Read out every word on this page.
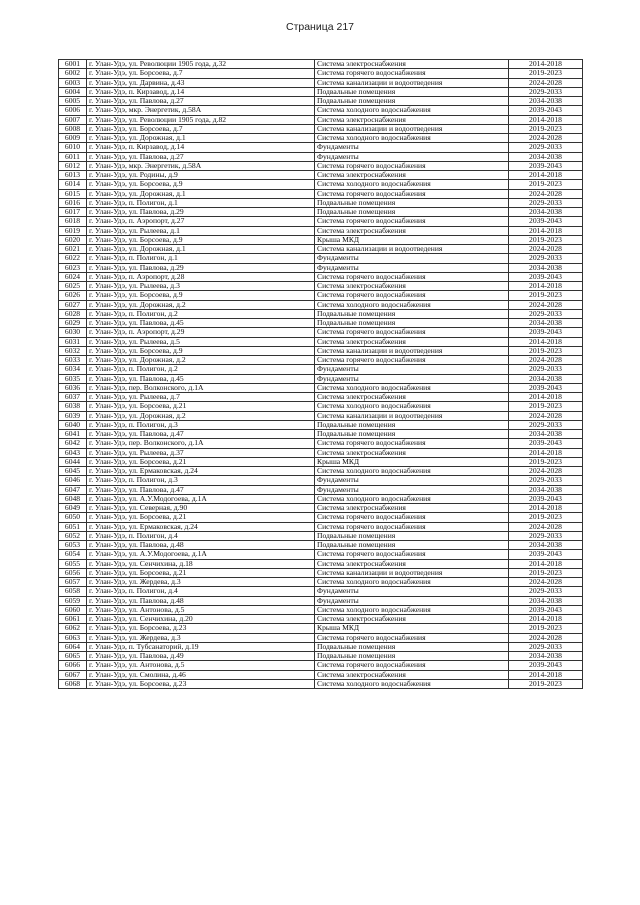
Страница 217
6001	г. Улан-Удэ, ул. Революции 1905 года, д.32	Система электроснабжения	2014-2018
6002	г. Улан-Удэ, ул. Борсоева, д.7	Система горячего водоснабжения	2019-2023
6003	г. Улан-Удэ, ул. Дарвина, д.43	Система канализации и водоотведения	2024-2028
6004	г. Улан-Удэ, п. Кирзавод, д.14	Подвальные помещения	2029-2033
6005	г. Улан-Удэ, ул. Павлова, д.27	Подвальные помещения	2034-2038
6006	г. Улан-Удэ, мкр. Энергетик, д.58А	Система холодного водоснабжения	2039-2043
6007	г. Улан-Удэ, ул. Революции 1905 года, д.82	Система электроснабжения	2014-2018
6008	г. Улан-Удэ, ул. Борсоева, д.7	Система канализации и водоотведения	2019-2023
6009	г. Улан-Удэ, ул. Дорожная, д.1	Система холодного водоснабжения	2024-2028
6010	г. Улан-Удэ, п. Кирзавод, д.14	Фундаменты	2029-2033
6011	г. Улан-Удэ, ул. Павлова, д.27	Фундаменты	2034-2038
6012	г. Улан-Удэ, мкр. Энергетик, д.58А	Система горячего водоснабжения	2039-2043
6013	г. Улан-Удэ, ул. Родины, д.9	Система электроснабжения	2014-2018
6014	г. Улан-Удэ, ул. Борсоева, д.9	Система холодного водоснабжения	2019-2023
6015	г. Улан-Удэ, ул. Дорожная, д.1	Система горячего водоснабжения	2024-2028
6016	г. Улан-Удэ, п. Полигон, д.1	Подвальные помещения	2029-2033
6017	г. Улан-Удэ, ул. Павлова, д.29	Подвальные помещения	2034-2038
6018	г. Улан-Удэ, п. Аэропорт, д.27	Система горячего водоснабжения	2039-2043
6019	г. Улан-Удэ, ул. Рылеева, д.1	Система электроснабжения	2014-2018
6020	г. Улан-Удэ, ул. Борсоева, д.9	Крыша МКД	2019-2023
6021	г. Улан-Удэ, ул. Дорожная, д.1	Система канализации и водоотведения	2024-2028
6022	г. Улан-Удэ, п. Полигон, д.1	Фундаменты	2029-2033
6023	г. Улан-Удэ, ул. Павлова, д.29	Фундаменты	2034-2038
6024	г. Улан-Удэ, п. Аэропорт, д.28	Система горячего водоснабжения	2039-2043
6025	г. Улан-Удэ, ул. Рылеева, д.3	Система электроснабжения	2014-2018
6026	г. Улан-Удэ, ул. Борсоева, д.9	Система горячего водоснабжения	2019-2023
6027	г. Улан-Удэ, ул. Дорожная, д.2	Система холодного водоснабжения	2024-2028
6028	г. Улан-Удэ, п. Полигон, д.2	Подвальные помещения	2029-2033
6029	г. Улан-Удэ, ул. Павлова, д.45	Подвальные помещения	2034-2038
6030	г. Улан-Удэ, п. Аэропорт, д.29	Система горячего водоснабжения	2039-2043
6031	г. Улан-Удэ, ул. Рылеева, д.5	Система электроснабжения	2014-2018
6032	г. Улан-Удэ, ул. Борсоева, д.9	Система канализации и водоотведения	2019-2023
6033	г. Улан-Удэ, ул. Дорожная, д.2	Система горячего водоснабжения	2024-2028
6034	г. Улан-Удэ, п. Полигон, д.2	Фундаменты	2029-2033
6035	г. Улан-Удэ, ул. Павлова, д.45	Фундаменты	2034-2038
6036	г. Улан-Удэ, пер. Волконского, д.1А	Система холодного водоснабжения	2039-2043
6037	г. Улан-Удэ, ул. Рылеева, д.7	Система электроснабжения	2014-2018
6038	г. Улан-Удэ, ул. Борсоева, д.21	Система холодного водоснабжения	2019-2023
6039	г. Улан-Удэ, ул. Дорожная, д.2	Система канализации и водоотведения	2024-2028
6040	г. Улан-Удэ, п. Полигон, д.3	Подвальные помещения	2029-2033
6041	г. Улан-Удэ, ул. Павлова, д.47	Подвальные помещения	2034-2038
6042	г. Улан-Удэ, пер. Волконского, д.1А	Система горячего водоснабжения	2039-2043
6043	г. Улан-Удэ, ул. Рылеева, д.37	Система электроснабжения	2014-2018
6044	г. Улан-Удэ, ул. Борсоева, д.21	Крыша МКД	2019-2023
6045	г. Улан-Удэ, ул. Ермаковская, д.24	Система холодного водоснабжения	2024-2028
6046	г. Улан-Удэ, п. Полигон, д.3	Фундаменты	2029-2033
6047	г. Улан-Удэ, ул. Павлова, д.47	Фундаменты	2034-2038
6048	г. Улан-Удэ, ул. А.У.Модогоева, д.1А	Система холодного водоснабжения	2039-2043
6049	г. Улан-Удэ, ул. Северная, д.90	Система электроснабжения	2014-2018
6050	г. Улан-Удэ, ул. Борсоева, д.21	Система горячего водоснабжения	2019-2023
6051	г. Улан-Удэ, ул. Ермаковская, д.24	Система горячего водоснабжения	2024-2028
6052	г. Улан-Удэ, п. Полигон, д.4	Подвальные помещения	2029-2033
6053	г. Улан-Удэ, ул. Павлова, д.48	Подвальные помещения	2034-2038
6054	г. Улан-Удэ, ул. А.У.Модогоева, д.1А	Система горячего водоснабжения	2039-2043
6055	г. Улан-Удэ, ул. Сенчихина, д.18	Система электроснабжения	2014-2018
6056	г. Улан-Удэ, ул. Борсоева, д.21	Система канализации и водоотведения	2019-2023
6057	г. Улан-Удэ, ул. Жердева, д.3	Система холодного водоснабжения	2024-2028
6058	г. Улан-Удэ, п. Полигон, д.4	Фундаменты	2029-2033
6059	г. Улан-Удэ, ул. Павлова, д.48	Фундаменты	2034-2038
6060	г. Улан-Удэ, ул. Антонова, д.5	Система холодного водоснабжения	2039-2043
6061	г. Улан-Удэ, ул. Сенчихина, д.20	Система электроснабжения	2014-2018
6062	г. Улан-Удэ, ул. Борсоева, д.23	Крыша МКД	2019-2023
6063	г. Улан-Удэ, ул. Жердева, д.3	Система горячего водоснабжения	2024-2028
6064	г. Улан-Удэ, п. Тубсанаторий, д.19	Подвальные помещения	2029-2033
6065	г. Улан-Удэ, ул. Павлова, д.49	Подвальные помещения	2034-2038
6066	г. Улан-Удэ, ул. Антонова, д.5	Система горячего водоснабжения	2039-2043
6067	г. Улан-Удэ, ул. Смолина, д.46	Система электроснабжения	2014-2018
6068	г. Улан-Удэ, ул. Борсоева, д.23	Система холодного водоснабжения	2019-2023
